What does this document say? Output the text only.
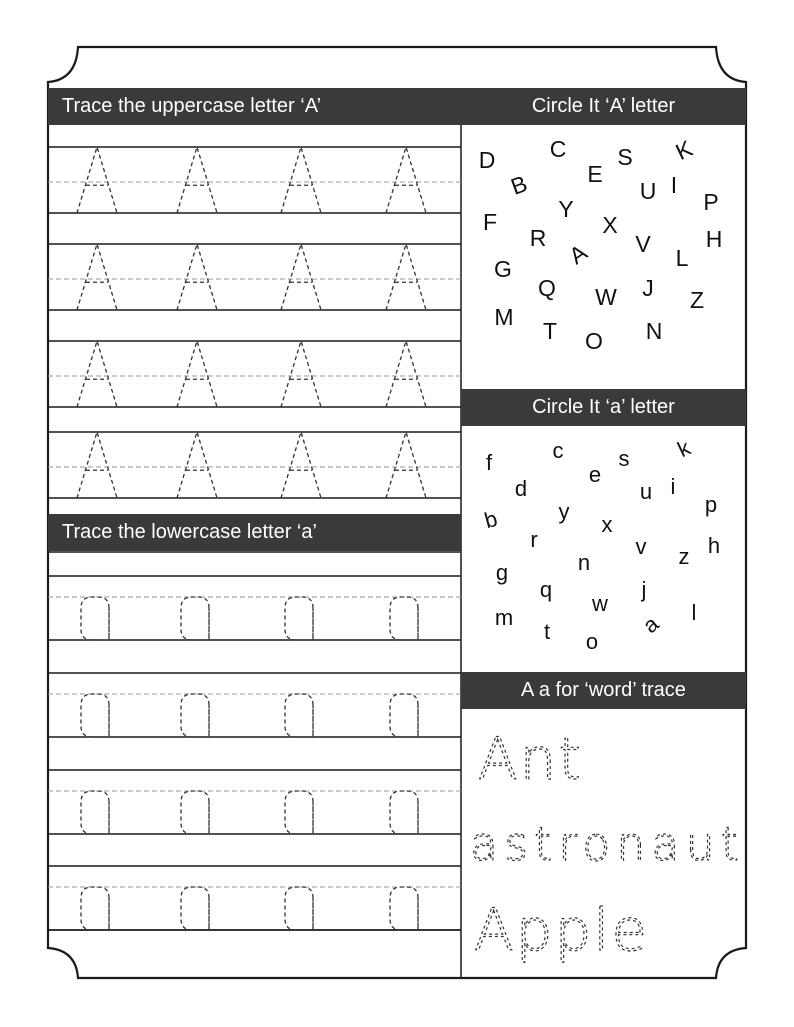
D C
E
S K
B	U I
P
F	Y
X
R
A V H
L
G
Q	J
W	Z
M
T O N
f	c	s k
e
d	u i
p
b	y
x
r	v	h
n	z
g
q	j
w
m	l
t	a
o
Ant
astronaut
Apple
Trace the uppercase letter ‘A’	Circle It ‘A’ letter
Circle It ‘a’ letter
Trace the lowercase letter ‘a’
A a for ‘word’ trace
